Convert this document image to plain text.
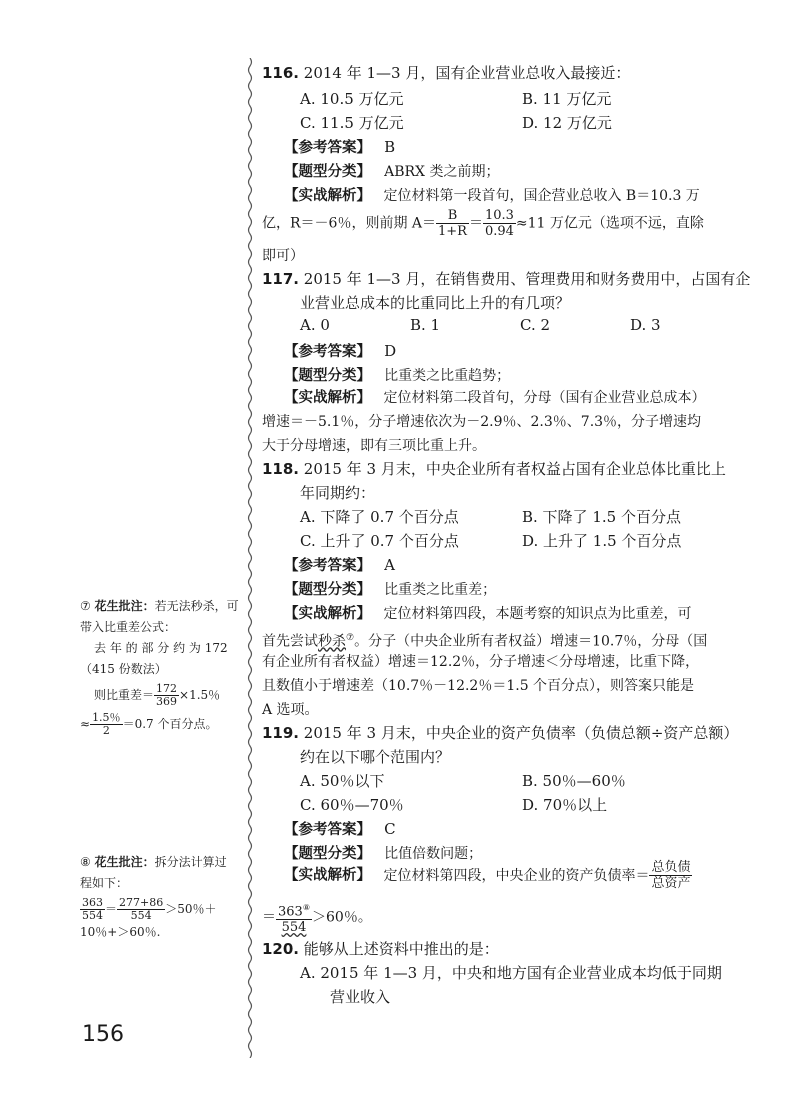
⑦ 花生批注：若无法秒杀，可
带入比重差公式：
去 年 的 部 分 约 为 172
（415 份数法）
则比重差＝ $\frac{172}{369} \times 1.5$％
≈ $\frac{1.5\%}{2} =0.7$ 个百分点。
⑧ 花生批注：拆分法计算过
程如下：
$\frac{363}{554} = \frac{277+86}{554} >50$％＋
10％+＞60％.
116. 2014 年 1—3 月，国有企业营业总收入最接近：
A. 10.5 万亿元	B. 11 万亿元
C. 11.5 万亿元	D. 12 万亿元
【参考答案】 B
【题型分类】 ABRX 类之前期；
【实战解析】 定位材料第一段首句，国企营业总收入 B＝10.3 万
亿，R＝－6％，则前期 $A= \frac{B}{1+R} = \frac{10.3}{0.94} \approx 11$ 万亿元（选项不远，直除
即可）
117. 2015 年 1—3 月，在销售费用、管理费用和财务费用中，占国有企
业营业总成本的比重同比上升的有几项？
A. 0	B. 1	C. 2	D. 3
【参考答案】 D
【题型分类】 比重类之比重趋势；
【实战解析】 定位材料第二段首句，分母（国有企业营业总成本）
增速＝－5.1％，分子增速依次为－2.9％、2.3％、7.3％，分子增速均
大于分母增速，即有三项比重上升。
118. 2015 年 3 月末，中央企业所有者权益占国有企业总体比重比上
年同期约：
A. 下降了 0.7 个百分点	B. 下降了 1.5 个百分点
C. 上升了 0.7 个百分点	D. 上升了 1.5 个百分点
【参考答案】 A
【题型分类】 比重类之比重差；
【实战解析】 定位材料第四段，本题考察的知识点为比重差，可
首先尝试秒杀⑦。分子（中央企业所有者权益）增速＝10.7％，分母（国
有企业所有者权益）增速＝12.2％，分子增速＜分母增速，比重下降，
且数值小于增速差（10.7％－12.2％＝1.5 个百分点），则答案只能是
A 选项。
119. 2015 年 3 月末，中央企业的资产负债率（负债总额÷资产总额）
约在以下哪个范围内？
A. 50％以下	B. 50％—60％
C. 60％—70％	D. 70％以上
【参考答案】 C
【题型分类】 比值倍数问题；
【实战解析】 定位材料第四段，中央企业的资产负债率＝ $\frac{\text{总负债}}{\text{总资产}}$
＝ $\frac{363^⑧}{554} >60$％。
120. 能够从上述资料中推出的是：
A. 2015 年 1—3 月，中央和地方国有企业营业成本均低于同期
营业收入
156
